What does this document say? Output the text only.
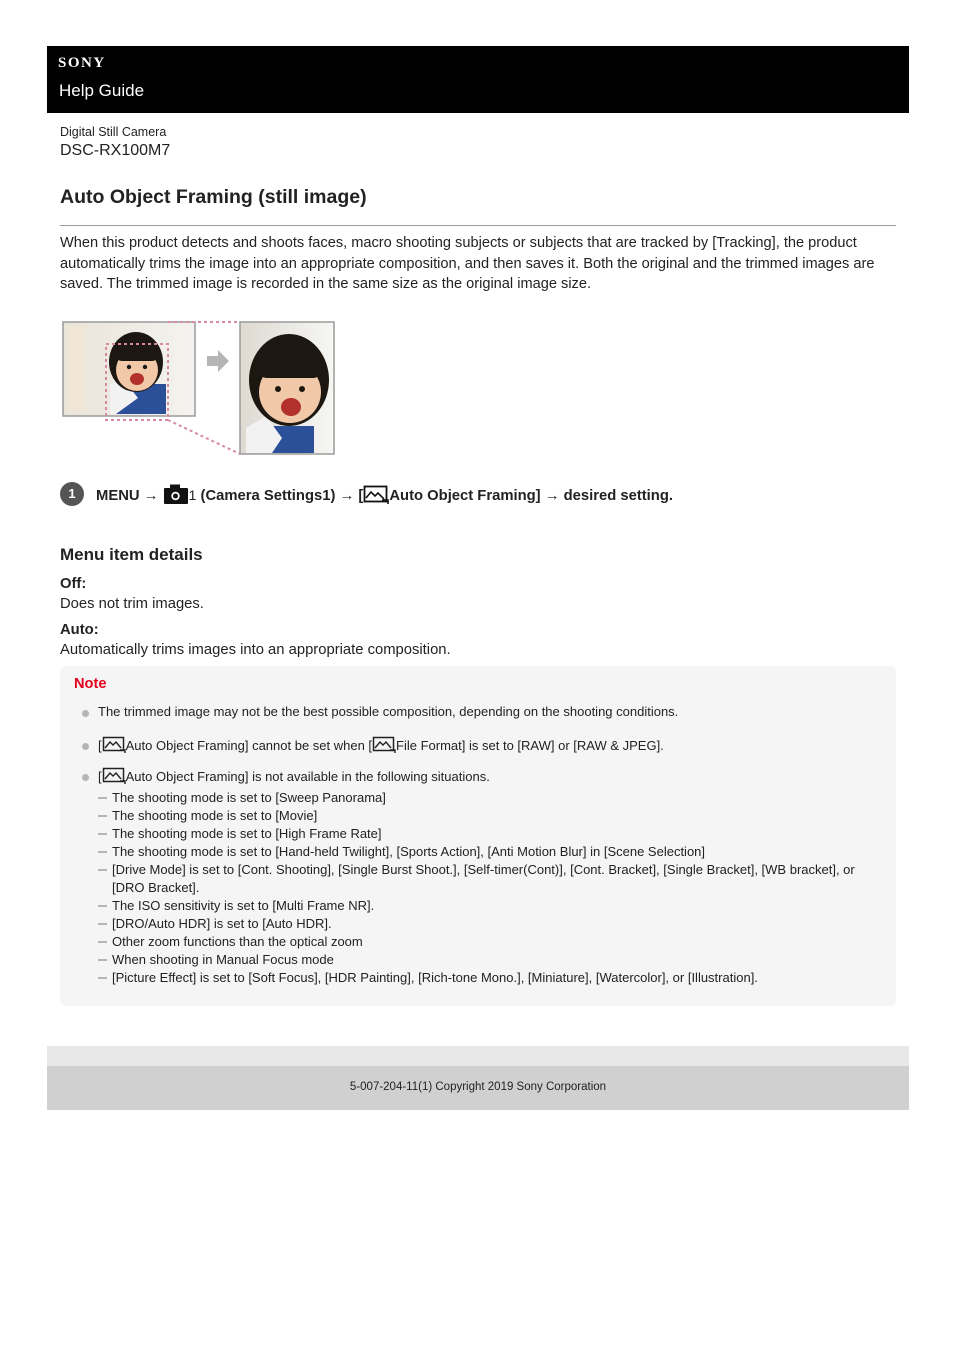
SONY
Help Guide
Digital Still Camera
DSC-RX100M7
Auto Object Framing (still image)

When this product detects and shoots faces, macro shooting subjects or subjects that are tracked by [Tracking], the product automatically trims the image into an appropriate composition, and then saves it. Both the original and the trimmed images are saved. The trimmed image is recorded in the same size as the original image size.

1	MENU → 1 (Camera Settings1) → [ Auto Object Framing] → desired setting.
Menu item details
Off:
Does not trim images.
Auto:
Automatically trims images into an appropriate composition.
Note
The trimmed image may not be the best possible composition, depending on the shooting conditions.
[ Auto Object Framing] cannot be set when [ File Format] is set to [RAW] or [RAW & JPEG].
[ Auto Object Framing] is not available in the following situations.
The shooting mode is set to [Sweep Panorama]
The shooting mode is set to [Movie]
The shooting mode is set to [High Frame Rate]
The shooting mode is set to [Hand-held Twilight], [Sports Action], [Anti Motion Blur] in [Scene Selection]
[Drive Mode] is set to [Cont. Shooting], [Single Burst Shoot.], [Self-timer(Cont)], [Cont. Bracket], [Single Bracket], [WB bracket], or [DRO Bracket].
The ISO sensitivity is set to [Multi Frame NR].
[DRO/Auto HDR] is set to [Auto HDR].
Other zoom functions than the optical zoom
When shooting in Manual Focus mode
[Picture Effect] is set to [Soft Focus], [HDR Painting], [Rich-tone Mono.], [Miniature], [Watercolor], or [Illustration].
5-007-204-11(1) Copyright 2019 Sony Corporation
